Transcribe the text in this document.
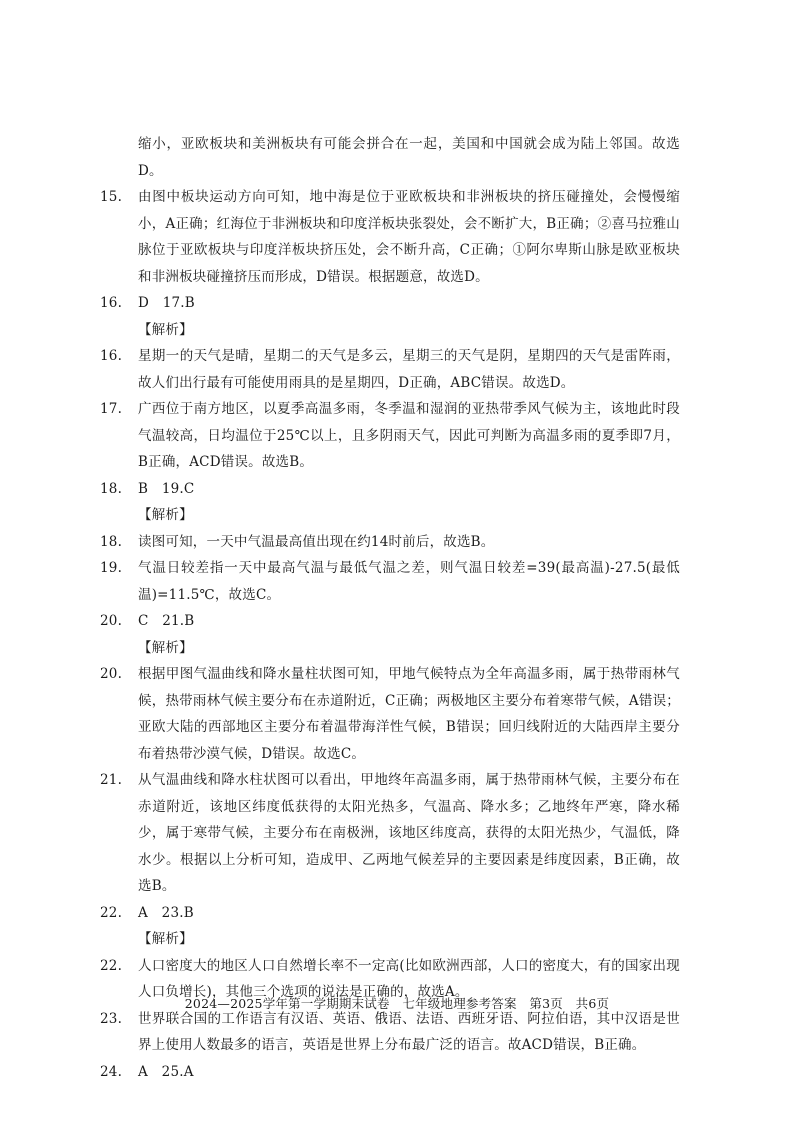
缩小，亚欧板块和美洲板块有可能会拼合在一起，美国和中国就会成为陆上邻国。故选D。
15.	由图中板块运动方向可知，地中海是位于亚欧板块和非洲板块的挤压碰撞处，会慢慢缩小，A正确；红海位于非洲板块和印度洋板块张裂处，会不断扩大，B正确；②喜马拉雅山脉位于亚欧板块与印度洋板块挤压处，会不断升高，C正确；①阿尔卑斯山脉是欧亚板块和非洲板块碰撞挤压而形成，D错误。根据题意，故选D。
16.	D　17.B
【解析】
16.	星期一的天气是晴，星期二的天气是多云，星期三的天气是阴，星期四的天气是雷阵雨，故人们出行最有可能使用雨具的是星期四，D正确，ABC错误。故选D。
17.	广西位于南方地区，以夏季高温多雨，冬季温和湿润的亚热带季风气候为主，该地此时段气温较高，日均温位于25℃以上，且多阴雨天气，因此可判断为高温多雨的夏季即7月，B正确，ACD错误。故选B。
18.	B　19.C
【解析】
18.	读图可知，一天中气温最高值出现在约14时前后，故选B。
19.	气温日较差指一天中最高气温与最低气温之差，则气温日较差=39(最高温)-27.5(最低温)=11.5℃，故选C。
20.	C　21.B
【解析】
20.	根据甲图气温曲线和降水量柱状图可知，甲地气候特点为全年高温多雨，属于热带雨林气候，热带雨林气候主要分布在赤道附近，C正确；两极地区主要分布着寒带气候，A错误；亚欧大陆的西部地区主要分布着温带海洋性气候，B错误；回归线附近的大陆西岸主要分布着热带沙漠气候，D错误。故选C。
21.	从气温曲线和降水柱状图可以看出，甲地终年高温多雨，属于热带雨林气候，主要分布在赤道附近，该地区纬度低获得的太阳光热多，气温高、降水多；乙地终年严寒，降水稀少，属于寒带气候，主要分布在南极洲，该地区纬度高，获得的太阳光热少，气温低，降水少。根据以上分析可知，造成甲、乙两地气候差异的主要因素是纬度因素，B正确，故选B。
22.	A　23.B
【解析】
22.	人口密度大的地区人口自然增长率不一定高(比如欧洲西部，人口的密度大，有的国家出现人口负增长)，其他三个选项的说法是正确的，故选A。
23.	世界联合国的工作语言有汉语、英语、俄语、法语、西班牙语、阿拉伯语，其中汉语是世界上使用人数最多的语言，英语是世界上分布最广泛的语言。故ACD错误，B正确。
24.	A　25.A
2024—2025学年第一学期期末试卷　七年级地理参考答案　第3页　共6页
